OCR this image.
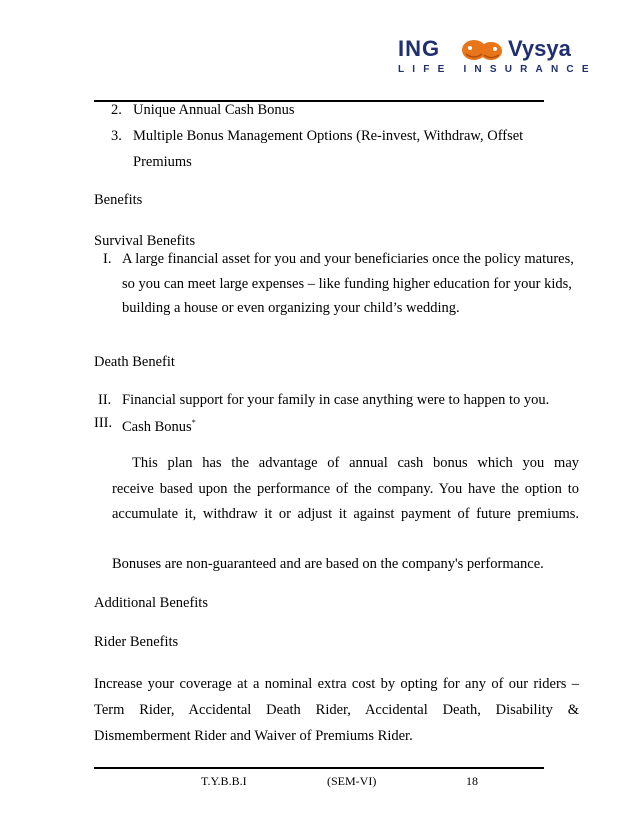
ING	Vysya
LIFE INSURANCE
2. Unique Annual Cash Bonus
3. Multiple Bonus Management Options (Re-invest, Withdraw, Offset
Premiums
Benefits
Survival Benefits
I. A large financial asset for you and your beneficiaries once the policy matures,
so you can meet large expenses – like funding higher education for your kids,
building a house or even organizing your child’s wedding.
Death Benefit
II. Financial support for your family in case anything were to happen to you.
III. Cash Bonus*
This plan has the advantage of annual cash bonus which you may
receive based upon the performance of the company. You have the option to
accumulate it, withdraw it or adjust it against payment of future premiums.
Bonuses are non-guaranteed and are based on the company's performance.
Additional Benefits
Rider Benefits
Increase your coverage at a nominal extra cost by opting for any of our riders –
Term Rider, Accidental Death Rider, Accidental Death, Disability &
Dismemberment Rider and Waiver of Premiums Rider.
T.Y.B.B.I	(SEM-VI)	18
